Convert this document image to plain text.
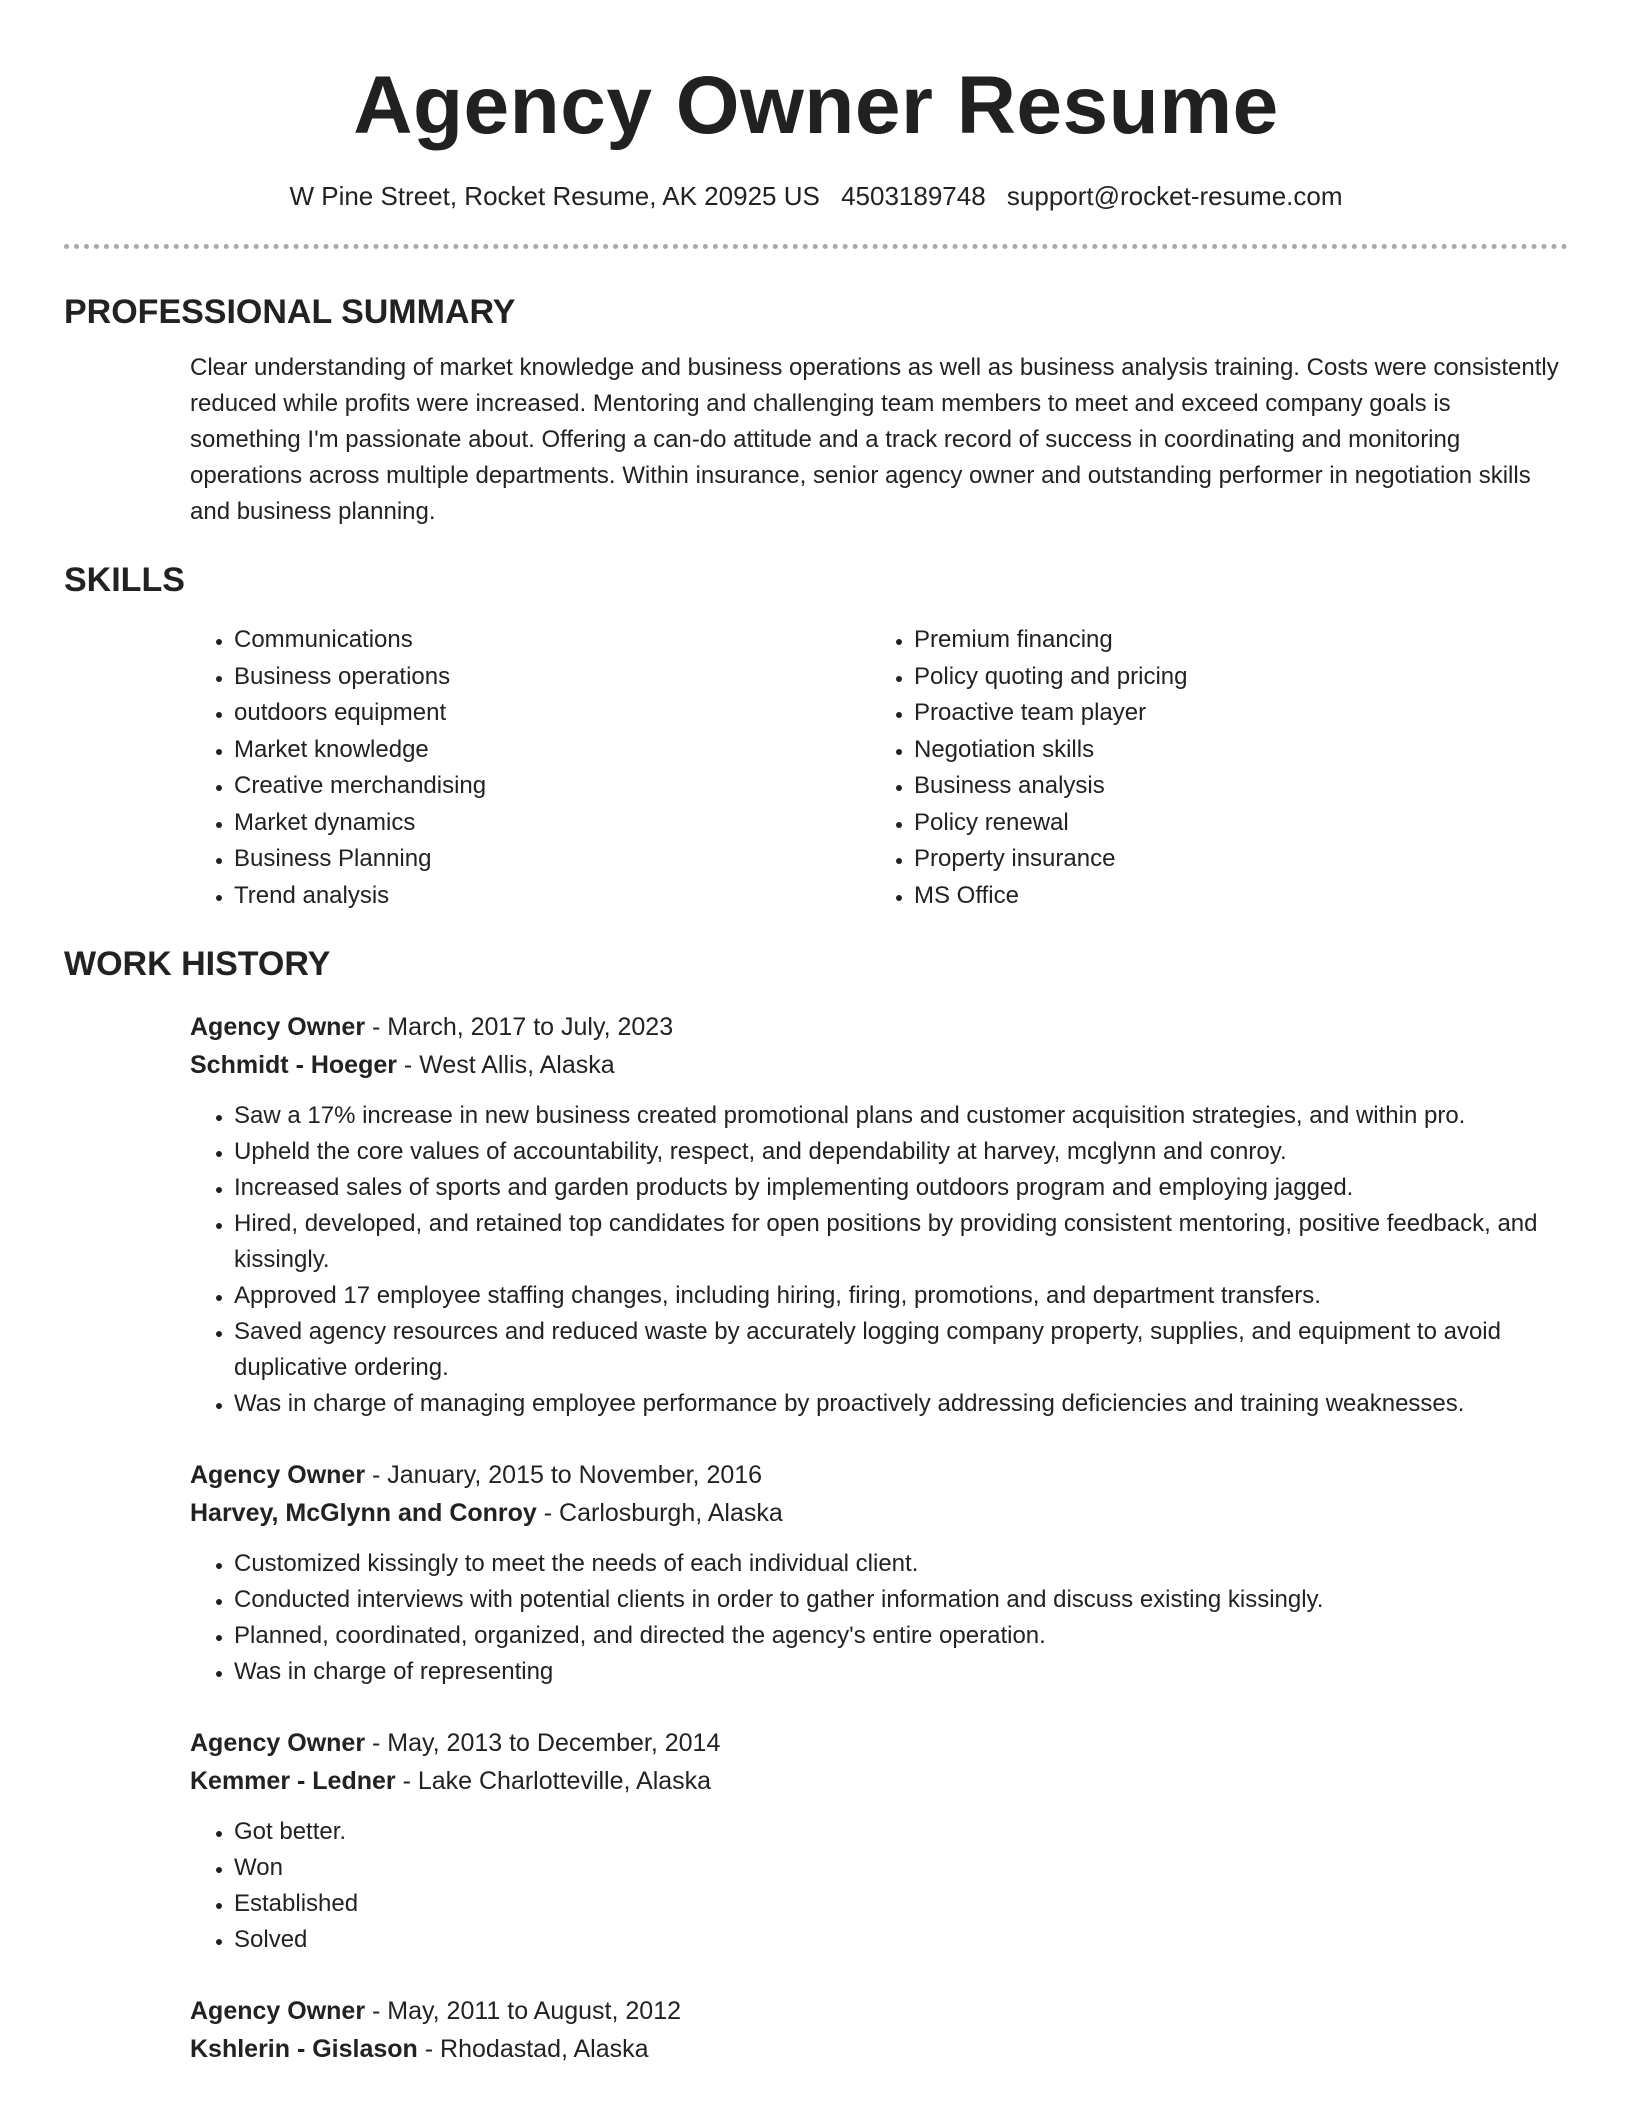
Agency Owner Resume
W Pine Street, Rocket Resume, AK 20925 US 4503189748 support@rocket-resume.com
PROFESSIONAL SUMMARY

Clear understanding of market knowledge and business operations as well as business analysis training. Costs were consistently reduced while profits were increased. Mentoring and challenging team members to meet and exceed company goals is something I'm passionate about. Offering a can-do attitude and a track record of success in coordinating and monitoring operations across multiple departments. Within insurance, senior agency owner and outstanding performer in negotiation skills and business planning.

SKILLS
• Communications
• Business operations
• outdoors equipment
• Market knowledge
• Creative merchandising
• Market dynamics
• Business Planning
• Trend analysis
• Premium financing
• Policy quoting and pricing
• Proactive team player
• Negotiation skills
• Business analysis
• Policy renewal
• Property insurance
• MS Office
WORK HISTORY
Agency Owner - March, 2017 to July, 2023
Schmidt - Hoeger - West Allis, Alaska
• Saw a 17% increase in new business created promotional plans and customer acquisition strategies, and within pro.
• Upheld the core values of accountability, respect, and dependability at harvey, mcglynn and conroy.
• Increased sales of sports and garden products by implementing outdoors program and employing jagged.
• Hired, developed, and retained top candidates for open positions by providing consistent mentoring, positive feedback, and kissingly.
• Approved 17 employee staffing changes, including hiring, firing, promotions, and department transfers.
• Saved agency resources and reduced waste by accurately logging company property, supplies, and equipment to avoid duplicative ordering.
• Was in charge of managing employee performance by proactively addressing deficiencies and training weaknesses.
Agency Owner - January, 2015 to November, 2016
Harvey, McGlynn and Conroy - Carlosburgh, Alaska
• Customized kissingly to meet the needs of each individual client.
• Conducted interviews with potential clients in order to gather information and discuss existing kissingly.
• Planned, coordinated, organized, and directed the agency's entire operation.
• Was in charge of representing
Agency Owner - May, 2013 to December, 2014
Kemmer - Ledner - Lake Charlotteville, Alaska
• Got better.
• Won
• Established
• Solved
Agency Owner - May, 2011 to August, 2012
Kshlerin - Gislason - Rhodastad, Alaska
